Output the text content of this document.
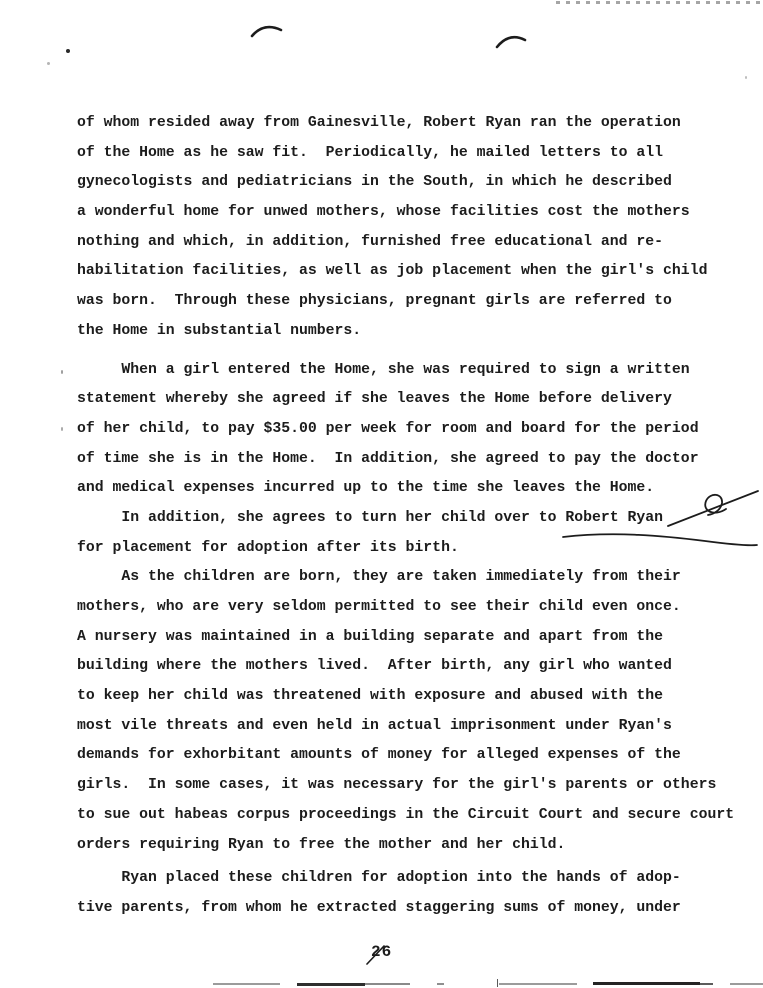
of whom resided away from Gainesville, Robert Ryan ran the operation
of the Home as he saw fit.  Periodically, he mailed letters to all
gynecologists and pediatricians in the South, in which he described
a wonderful home for unwed mothers, whose facilities cost the mothers
nothing and which, in addition, furnished free educational and re-
habilitation facilities, as well as job placement when the girl's child
was born.  Through these physicians, pregnant girls are referred to
the Home in substantial numbers.
When a girl entered the Home, she was required to sign a written
statement whereby she agreed if she leaves the Home before delivery
of her child, to pay $35.00 per week for room and board for the period
of time she is in the Home.  In addition, she agreed to pay the doctor
and medical expenses incurred up to the time she leaves the Home.
In addition, she agrees to turn her child over to Robert Ryan
for placement for adoption after its birth.
As the children are born, they are taken immediately from their
mothers, who are very seldom permitted to see their child even once.
A nursery was maintained in a building separate and apart from the
building where the mothers lived.  After birth, any girl who wanted
to keep her child was threatened with exposure and abused with the
most vile threats and even held in actual imprisonment under Ryan's
demands for exhorbitant amounts of money for alleged expenses of the
girls.  In some cases, it was necessary for the girl's parents or others
to sue out habeas corpus proceedings in the Circuit Court and secure court
orders requiring Ryan to free the mother and her child.
Ryan placed these children for adoption into the hands of adop-
tive parents, from whom he extracted staggering sums of money, under
26
